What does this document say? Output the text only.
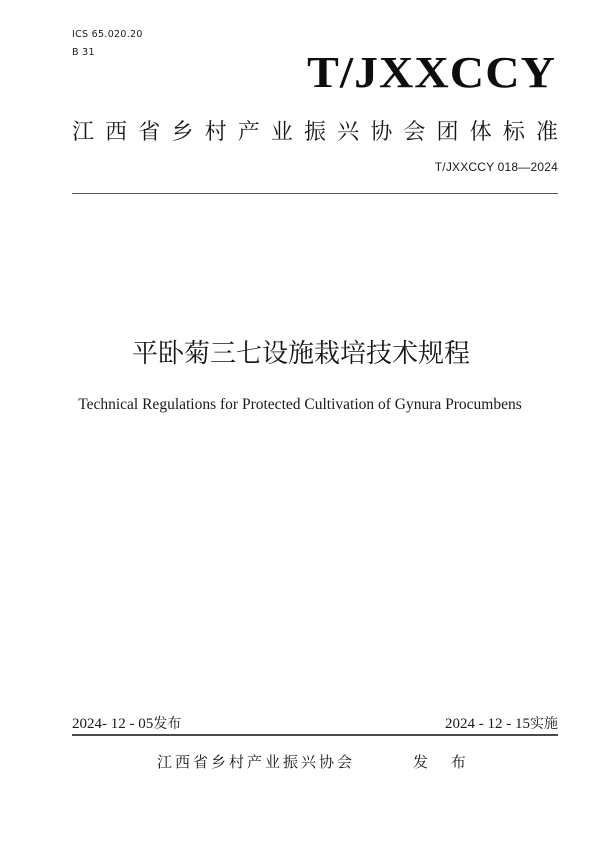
ICS 65.020.20
B 31	T/JXXCCY
江 西 省 乡 村 产 业 振 兴 协 会 团 体 标 准
T/JXXCCY 018—2024
平卧菊三七设施栽培技术规程
Technical Regulations for Protected Cultivation of Gynura Procumbens
2024- 12 - 05发布	2024 - 12 - 15实施
江西省乡村产业振兴协会	发 布
